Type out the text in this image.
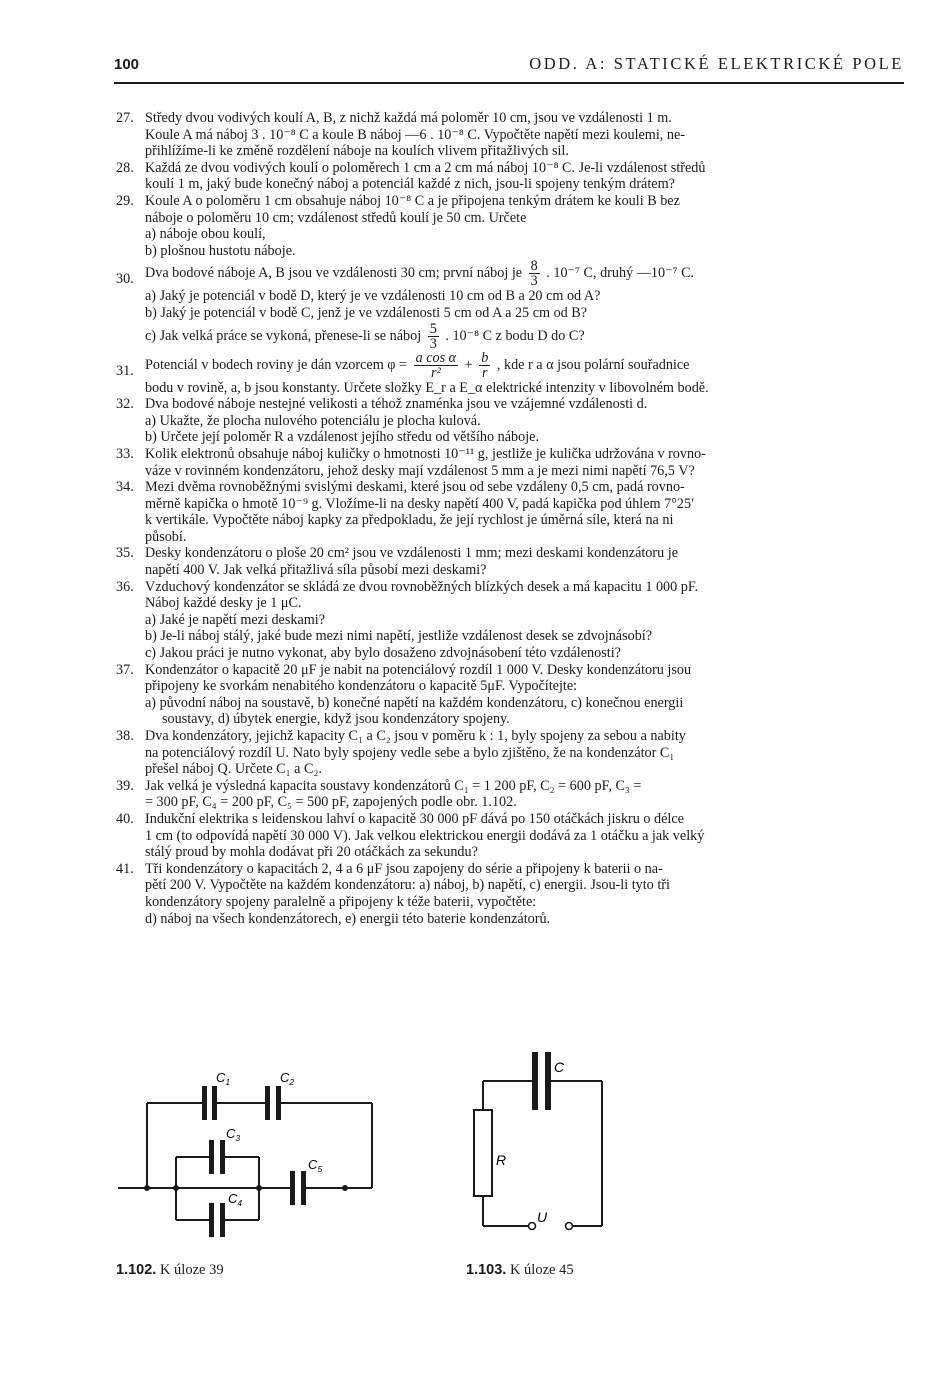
100	ODD. A: STATICKÉ ELEKTRICKÉ POLE
27. Středy dvou vodivých koulí A, B, z nichž každá má poloměr 10 cm, jsou ve vzdálenosti 1 m.
Koule A má náboj 3 . 10⁻⁸ C a koule B náboj —6 . 10⁻⁸ C. Vypočtěte napětí mezi koulemi, ne-
přihlížíme-li ke změně rozdělení náboje na koulích vlivem přitažlivých sil.
28. Každá ze dvou vodivých koulí o poloměrech 1 cm a 2 cm má náboj 10⁻⁸ C. Je-li vzdálenost středů
koulí 1 m, jaký bude konečný náboj a potenciál každé z nich, jsou-li spojeny tenkým drátem?
29. Koule A o poloměru 1 cm obsahuje náboj 10⁻⁸ C a je připojena tenkým drátem ke kouli B bez
náboje o poloměru 10 cm; vzdálenost středů koulí je 50 cm. Určete
a) náboje obou koulí,
b) plošnou hustotu náboje.
30. Dva bodové náboje A, B jsou ve vzdálenosti 30 cm; první náboj je $\frac{8}{3}$ . 10⁻⁷ C, druhý —10⁻⁷ C.
a) Jaký je potenciál v bodě D, který je ve vzdálenosti 10 cm od B a 20 cm od A?
b) Jaký je potenciál v bodě C, jenž je ve vzdálenosti 5 cm od A a 25 cm od B?
c) Jak velká práce se vykoná, přenese-li se náboj $\frac{5}{3}$ . 10⁻⁸ C z bodu D do C?
31. Potenciál v bodech roviny je dán vzorcem $\varphi = \frac{\text{a cos α}}{\text{r²}} + \frac{b}{r}$ , kde r a α jsou polární souřadnice
bodu v rovině, a, b jsou konstanty. Určete složky E_r a E_α elektrické intenzity v libovolném bodě.
32. Dva bodové náboje nestejné velikosti a téhož znaménka jsou ve vzájemné vzdálenosti d.
a) Ukažte, že plocha nulového potenciálu je plocha kulová.
b) Určete její poloměr R a vzdálenost jejího středu od většího náboje.
33. Kolik elektronů obsahuje náboj kuličky o hmotnosti 10⁻¹¹ g, jestliže je kulička udržována v rovno-
váze v rovinném kondenzátoru, jehož desky mají vzdálenost 5 mm a je mezi nimi napětí 76,5 V?
34. Mezi dvěma rovnoběžnými svislými deskami, které jsou od sebe vzdáleny 0,5 cm, padá rovno-
měrně kapička o hmotě 10⁻⁹ g. Vložíme-li na desky napětí 400 V, padá kapička pod úhlem 7°25′
k vertikále. Vypočtěte náboj kapky za předpokladu, že její rychlost je úměrná síle, která na ni
působí.
35. Desky kondenzátoru o ploše 20 cm² jsou ve vzdálenosti 1 mm; mezi deskami kondenzátoru je
napětí 400 V. Jak velká přitažlivá síla působí mezi deskami?
36. Vzduchový kondenzátor se skládá ze dvou rovnoběžných blízkých desek a má kapacitu 1 000 pF.
Náboj každé desky je 1 μC.
a) Jaké je napětí mezi deskami?
b) Je-li náboj stálý, jaké bude mezi nimi napětí, jestliže vzdálenost desek se zdvojnásobí?
c) Jakou práci je nutno vykonat, aby bylo dosaženo zdvojnásobení této vzdálenosti?
37. Kondenzátor o kapacitě 20 μF je nabit na potenciálový rozdíl 1 000 V. Desky kondenzátoru jsou
připojeny ke svorkám nenabitého kondenzátoru o kapacitě 5μF. Vypočítejte:
a) původní náboj na soustavě, b) konečné napětí na každém kondenzátoru, c) konečnou energii
soustavy, d) úbytek energie, když jsou kondenzátory spojeny.
38. Dva kondenzátory, jejichž kapacity C₁ a C₂ jsou v poměru k : 1, byly spojeny za sebou a nabity
na potenciálový rozdíl U. Nato byly spojeny vedle sebe a bylo zjištěno, že na kondenzátor C₁
přešel náboj Q. Určete C₁ a C₂.
39. Jak velká je výsledná kapacita soustavy kondenzátorů C₁ = 1 200 pF, C₂ = 600 pF, C₃ =
= 300 pF, C₄ = 200 pF, C₅ = 500 pF, zapojených podle obr. 1.102.
40. Indukční elektrika s leidenskou lahví o kapacitě 30 000 pF dává po 150 otáčkách jiskru o délce
1 cm (to odpovídá napětí 30 000 V). Jak velkou elektrickou energii dodává za 1 otáčku a jak velký
stálý proud by mohla dodávat při 20 otáčkách za sekundu?
41. Tři kondenzátory o kapacitách 2, 4 a 6 μF jsou zapojeny do série a připojeny k baterii o na-
pětí 200 V. Vypočtěte na každém kondenzátoru: a) náboj, b) napětí, c) energii. Jsou-li tyto tři
kondenzátory spojeny paralelně a připojeny k téže baterii, vypočtěte:
d) náboj na všech kondenzátorech, e) energii této baterie kondenzátorů.
$C_1$	$C_2$
$C_3$
$C_4$
$C_5$
C
R
U
1.102. K úloze 39	1.103. K úloze 45
